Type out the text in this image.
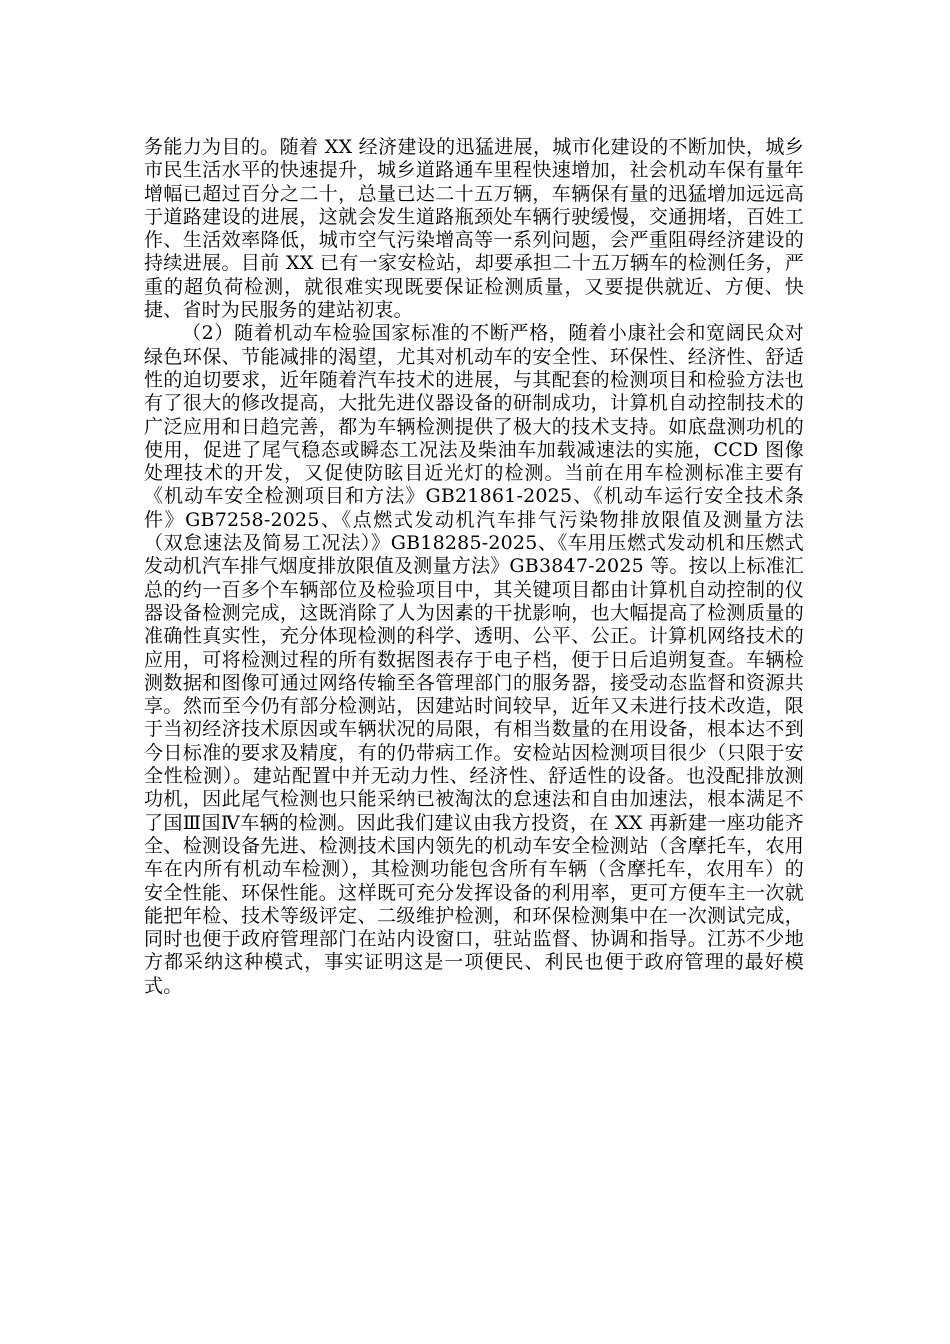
务能力为目的。随着 XX 经济建设的迅猛进展，城市化建设的不断加快，城乡市民生活水平的快速提升，城乡道路通车里程快速增加，社会机动车保有量年增幅已超过百分之二十，总量已达二十五万辆，车辆保有量的迅猛增加远远高于道路建设的进展，这就会发生道路瓶颈处车辆行驶缓慢，交通拥堵，百姓工作、生活效率降低，城市空气污染增高等一系列问题，会严重阻碍经济建设的持续进展。目前 XX 已有一家安检站，却要承担二十五万辆车的检测任务，严重的超负荷检测，就很难实现既要保证检测质量，又要提供就近、方便、快捷、省时为民服务的建站初衷。

（2）随着机动车检验国家标准的不断严格，随着小康社会和宽阔民众对绿色环保、节能减排的渴望，尤其对机动车的安全性、环保性、经济性、舒适性的迫切要求，近年随着汽车技术的进展，与其配套的检测项目和检验方法也有了很大的修改提高，大批先进仪器设备的研制成功，计算机自动控制技术的广泛应用和日趋完善，都为车辆检测提供了极大的技术支持。如底盘测功机的使用，促进了尾气稳态或瞬态工况法及柴油车加载减速法的实施，CCD 图像处理技术的开发，又促使防眩目近光灯的检测。当前在用车检测标准主要有《机动车安全检测项目和方法》GB21861-2025、《机动车运行安全技术条件》GB7258-2025、《点燃式发动机汽车排气污染物排放限值及测量方法（双怠速法及简易工况法）》GB18285-2025、《车用压燃式发动机和压燃式发动机汽车排气烟度排放限值及测量方法》GB3847-2025 等。按以上标准汇总的约一百多个车辆部位及检验项目中，其关键项目都由计算机自动控制的仪器设备检测完成，这既消除了人为因素的干扰影响，也大幅提高了检测质量的准确性真实性，充分体现检测的科学、透明、公平、公正。计算机网络技术的应用，可将检测过程的所有数据图表存于电子档，便于日后追朔复查。车辆检测数据和图像可通过网络传输至各管理部门的服务器，接受动态监督和资源共享。然而至今仍有部分检测站，因建站时间较早，近年又未进行技术改造，限于当初经济技术原因或车辆状况的局限，有相当数量的在用设备，根本达不到今日标准的要求及精度，有的仍带病工作。安检站因检测项目很少（只限于安全性检测）。建站配置中并无动力性、经济性、舒适性的设备。也没配排放测功机，因此尾气检测也只能采纳已被淘汰的怠速法和自由加速法，根本满足不了国Ⅲ国Ⅳ车辆的检测。因此我们建议由我方投资，在 XX 再新建一座功能齐全、检测设备先进、检测技术国内领先的机动车安全检测站（含摩托车，农用车在内所有机动车检测），其检测功能包含所有车辆（含摩托车，农用车）的安全性能、环保性能。这样既可充分发挥设备的利用率，更可方便车主一次就能把年检、技术等级评定、二级维护检测，和环保检测集中在一次测试完成，同时也便于政府管理部门在站内设窗口，驻站监督、协调和指导。江苏不少地方都采纳这种模式，事实证明这是一项便民、利民也便于政府管理的最好模式。
